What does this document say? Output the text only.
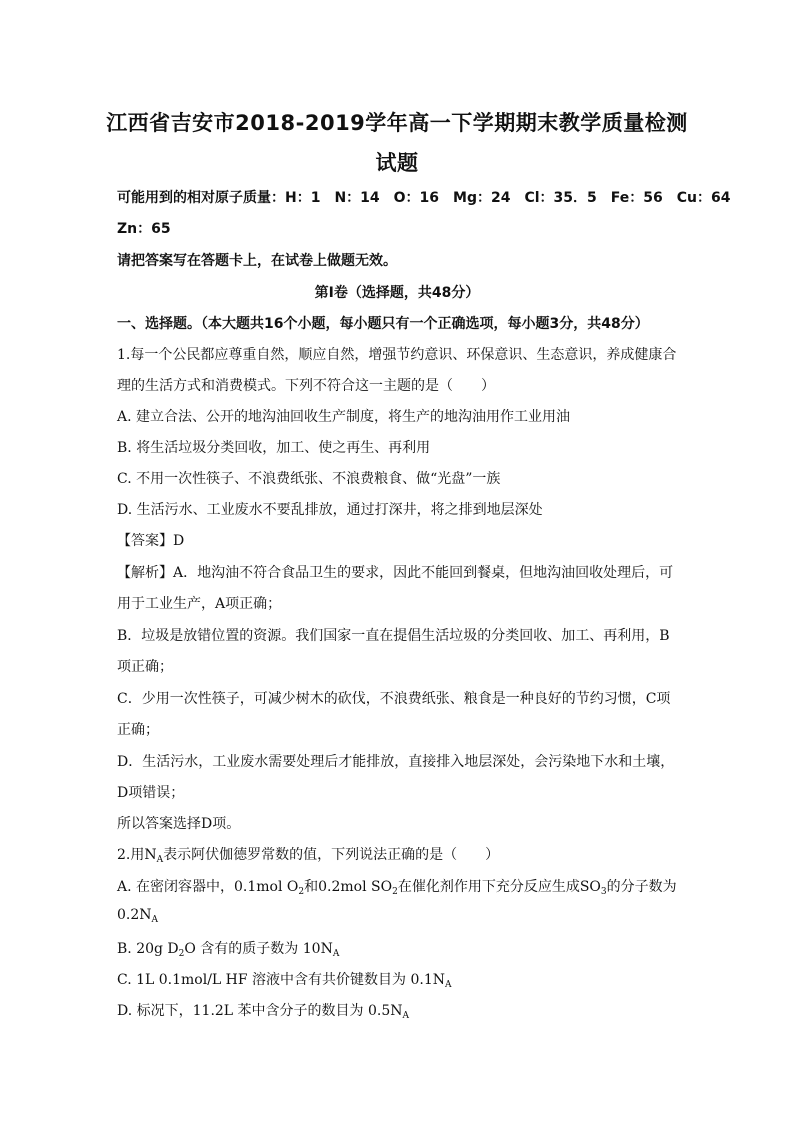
江西省吉安市2018-2019学年高一下学期期末教学质量检测
试题
可能用到的相对原子质量：H：1　N：14　O：16　Mg：24　Cl：35．5　Fe：56　Cu：64
Zn：65
请把答案写在答题卡上，在试卷上做题无效。
第Ⅰ卷（选择题，共48分）
一、选择题。（本大题共16个小题，每小题只有一个正确选项，每小题3分，共48分）
1.每一个公民都应尊重自然，顺应自然，增强节约意识、环保意识、生态意识，养成健康合
理的生活方式和消费模式。下列不符合这一主题的是（　　）
A. 建立合法、公开的地沟油回收生产制度，将生产的地沟油用作工业用油
B. 将生活垃圾分类回收，加工、使之再生、再利用
C. 不用一次性筷子、不浪费纸张、不浪费粮食、做“光盘”一族
D. 生活污水、工业废水不要乱排放，通过打深井，将之排到地层深处
【答案】D
【解析】A．地沟油不符合食品卫生的要求，因此不能回到餐桌，但地沟油回收处理后，可
用于工业生产，A项正确；
B．垃圾是放错位置的资源。我们国家一直在提倡生活垃圾的分类回收、加工、再利用，B
项正确；
C．少用一次性筷子，可减少树木的砍伐，不浪费纸张、粮食是一种良好的节约习惯，C项
正确；
D．生活污水，工业废水需要处理后才能排放，直接排入地层深处，会污染地下水和土壤，
D项错误；
所以答案选择D项。
2.用$N_A$表示阿伏伽德罗常数的值，下列说法正确的是（　　）
A. 在密闭容器中，0.1mol $O_2$和0.2mol $SO_2$在催化剂作用下充分反应生成$SO_3$的分子数为
$0.2N_A$
B. 20g $D_2O$ 含有的质子数为 $10N_A$
C. 1L 0.1mol/L HF 溶液中含有共价键数目为 $0.1N_A$
D. 标况下，11.2L 苯中含分子的数目为 $0.5N_A$
